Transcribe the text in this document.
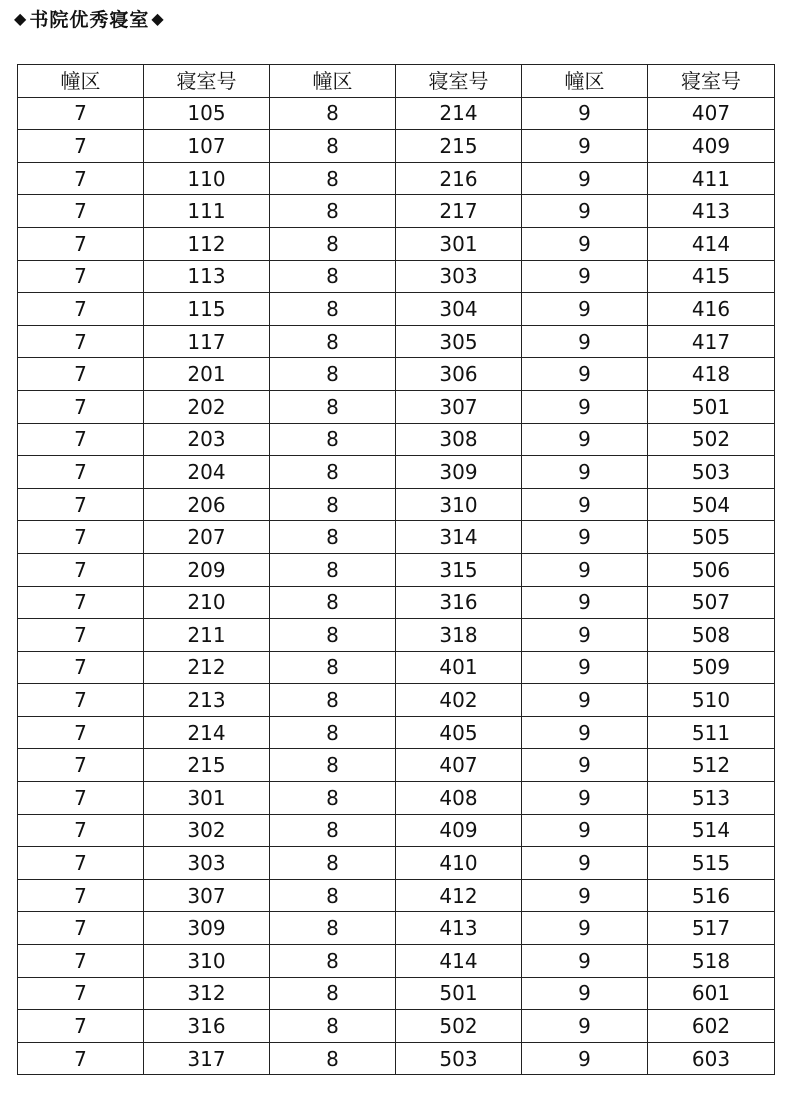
◆ 书院优秀寝室 ◆
幢区	寝室号	幢区	寝室号	幢区	寝室号
7	105	8	214	9	407
7	107	8	215	9	409
7	110	8	216	9	411
7	111	8	217	9	413
7	112	8	301	9	414
7	113	8	303	9	415
7	115	8	304	9	416
7	117	8	305	9	417
7	201	8	306	9	418
7	202	8	307	9	501
7	203	8	308	9	502
7	204	8	309	9	503
7	206	8	310	9	504
7	207	8	314	9	505
7	209	8	315	9	506
7	210	8	316	9	507
7	211	8	318	9	508
7	212	8	401	9	509
7	213	8	402	9	510
7	214	8	405	9	511
7	215	8	407	9	512
7	301	8	408	9	513
7	302	8	409	9	514
7	303	8	410	9	515
7	307	8	412	9	516
7	309	8	413	9	517
7	310	8	414	9	518
7	312	8	501	9	601
7	316	8	502	9	602
7	317	8	503	9	603
